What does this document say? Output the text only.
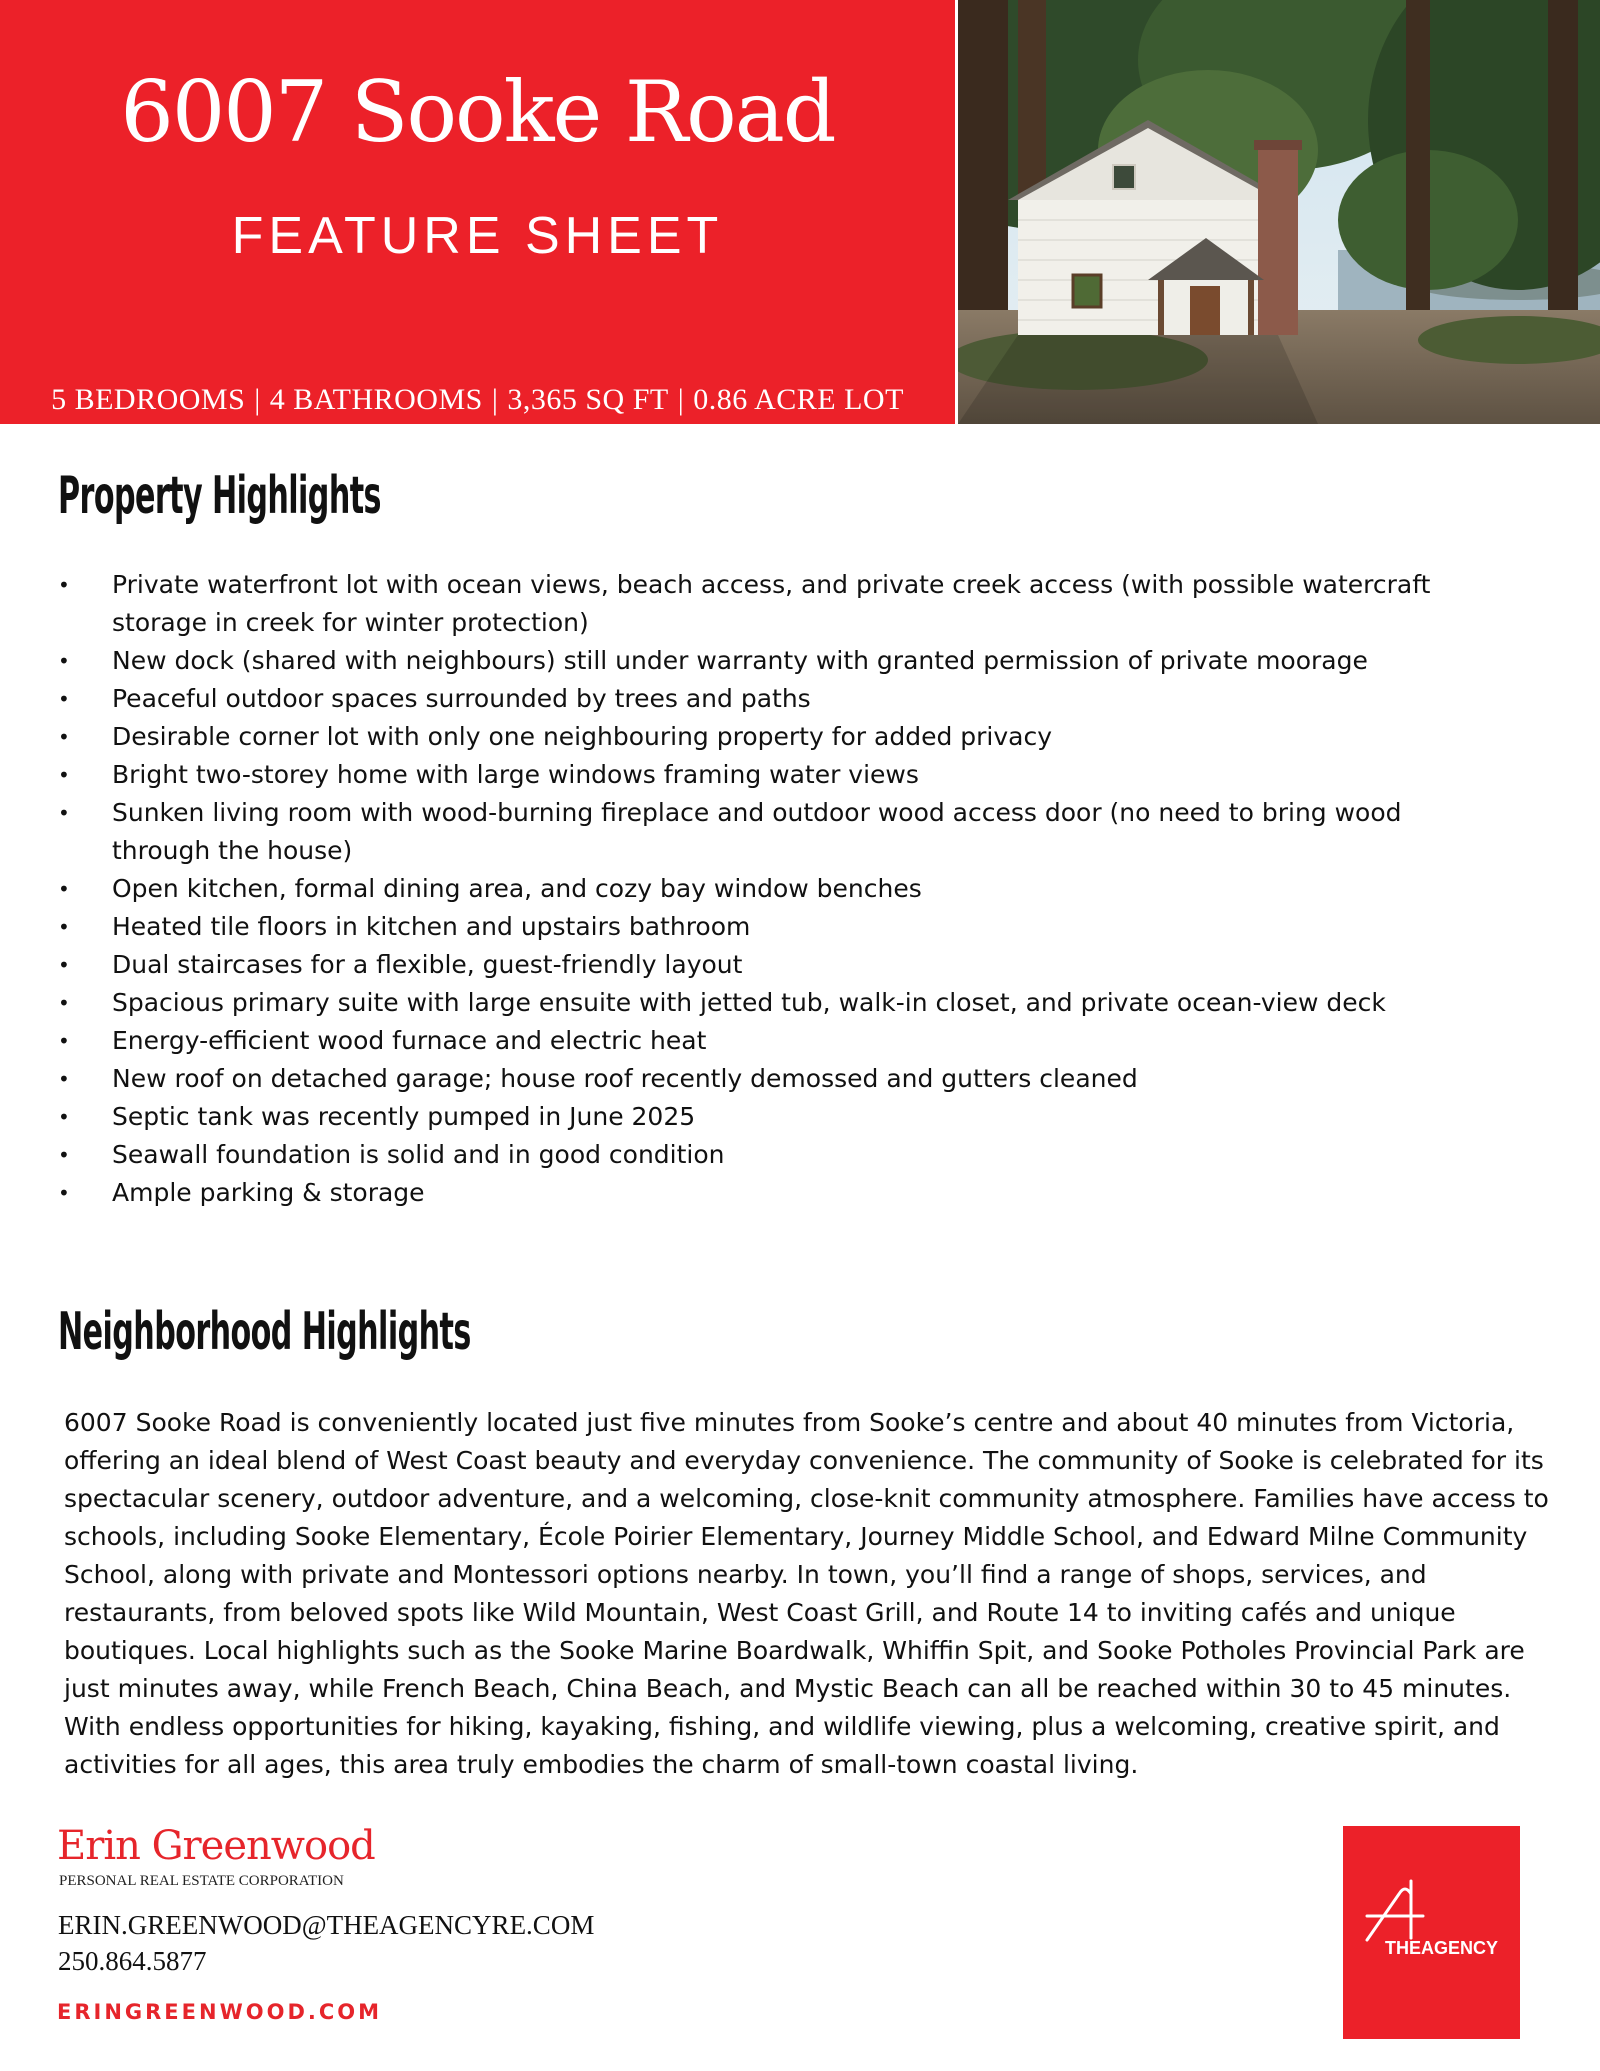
6007 Sooke Road
FEATURE SHEET
5 BEDROOMS | 4 BATHROOMS | 3,365 SQ FT | 0.86 ACRE LOT
Property Highlights
• Private waterfront lot with ocean views, beach access, and private creek access (with possible watercraft storage in creek for winter protection)
• New dock (shared with neighbours) still under warranty with granted permission of private moorage
• Peaceful outdoor spaces surrounded by trees and paths
• Desirable corner lot with only one neighbouring property for added privacy
• Bright two-storey home with large windows framing water views
• Sunken living room with wood-burning fireplace and outdoor wood access door (no need to bring wood through the house)
• Open kitchen, formal dining area, and cozy bay window benches
• Heated tile floors in kitchen and upstairs bathroom
• Dual staircases for a flexible, guest-friendly layout
• Spacious primary suite with large ensuite with jetted tub, walk-in closet, and private ocean-view deck
• Energy-efficient wood furnace and electric heat
• New roof on detached garage; house roof recently demossed and gutters cleaned
• Septic tank was recently pumped in June 2025
• Seawall foundation is solid and in good condition
• Ample parking & storage
Neighborhood Highlights

6007 Sooke Road is conveniently located just five minutes from Sooke’s centre and about 40 minutes from Victoria, offering an ideal blend of West Coast beauty and everyday convenience. The community of Sooke is celebrated for its spectacular scenery, outdoor adventure, and a welcoming, close-knit community atmosphere. Families have access to schools, including Sooke Elementary, École Poirier Elementary, Journey Middle School, and Edward Milne Community School, along with private and Montessori options nearby. In town, you’ll find a range of shops, services, and restaurants, from beloved spots like Wild Mountain, West Coast Grill, and Route 14 to inviting cafés and unique boutiques. Local highlights such as the Sooke Marine Boardwalk, Whiffin Spit, and Sooke Potholes Provincial Park are just minutes away, while French Beach, China Beach, and Mystic Beach can all be reached within 30 to 45 minutes. With endless opportunities for hiking, kayaking, fishing, and wildlife viewing, plus a welcoming, creative spirit, and activities for all ages, this area truly embodies the charm of small-town coastal living.

Erin Greenwood
PERSONAL REAL ESTATE CORPORATION
ERIN.GREENWOOD@THEAGENCYRE.COM
250.864.5877
ERINGREENWOOD.COM
THEAGENCY
